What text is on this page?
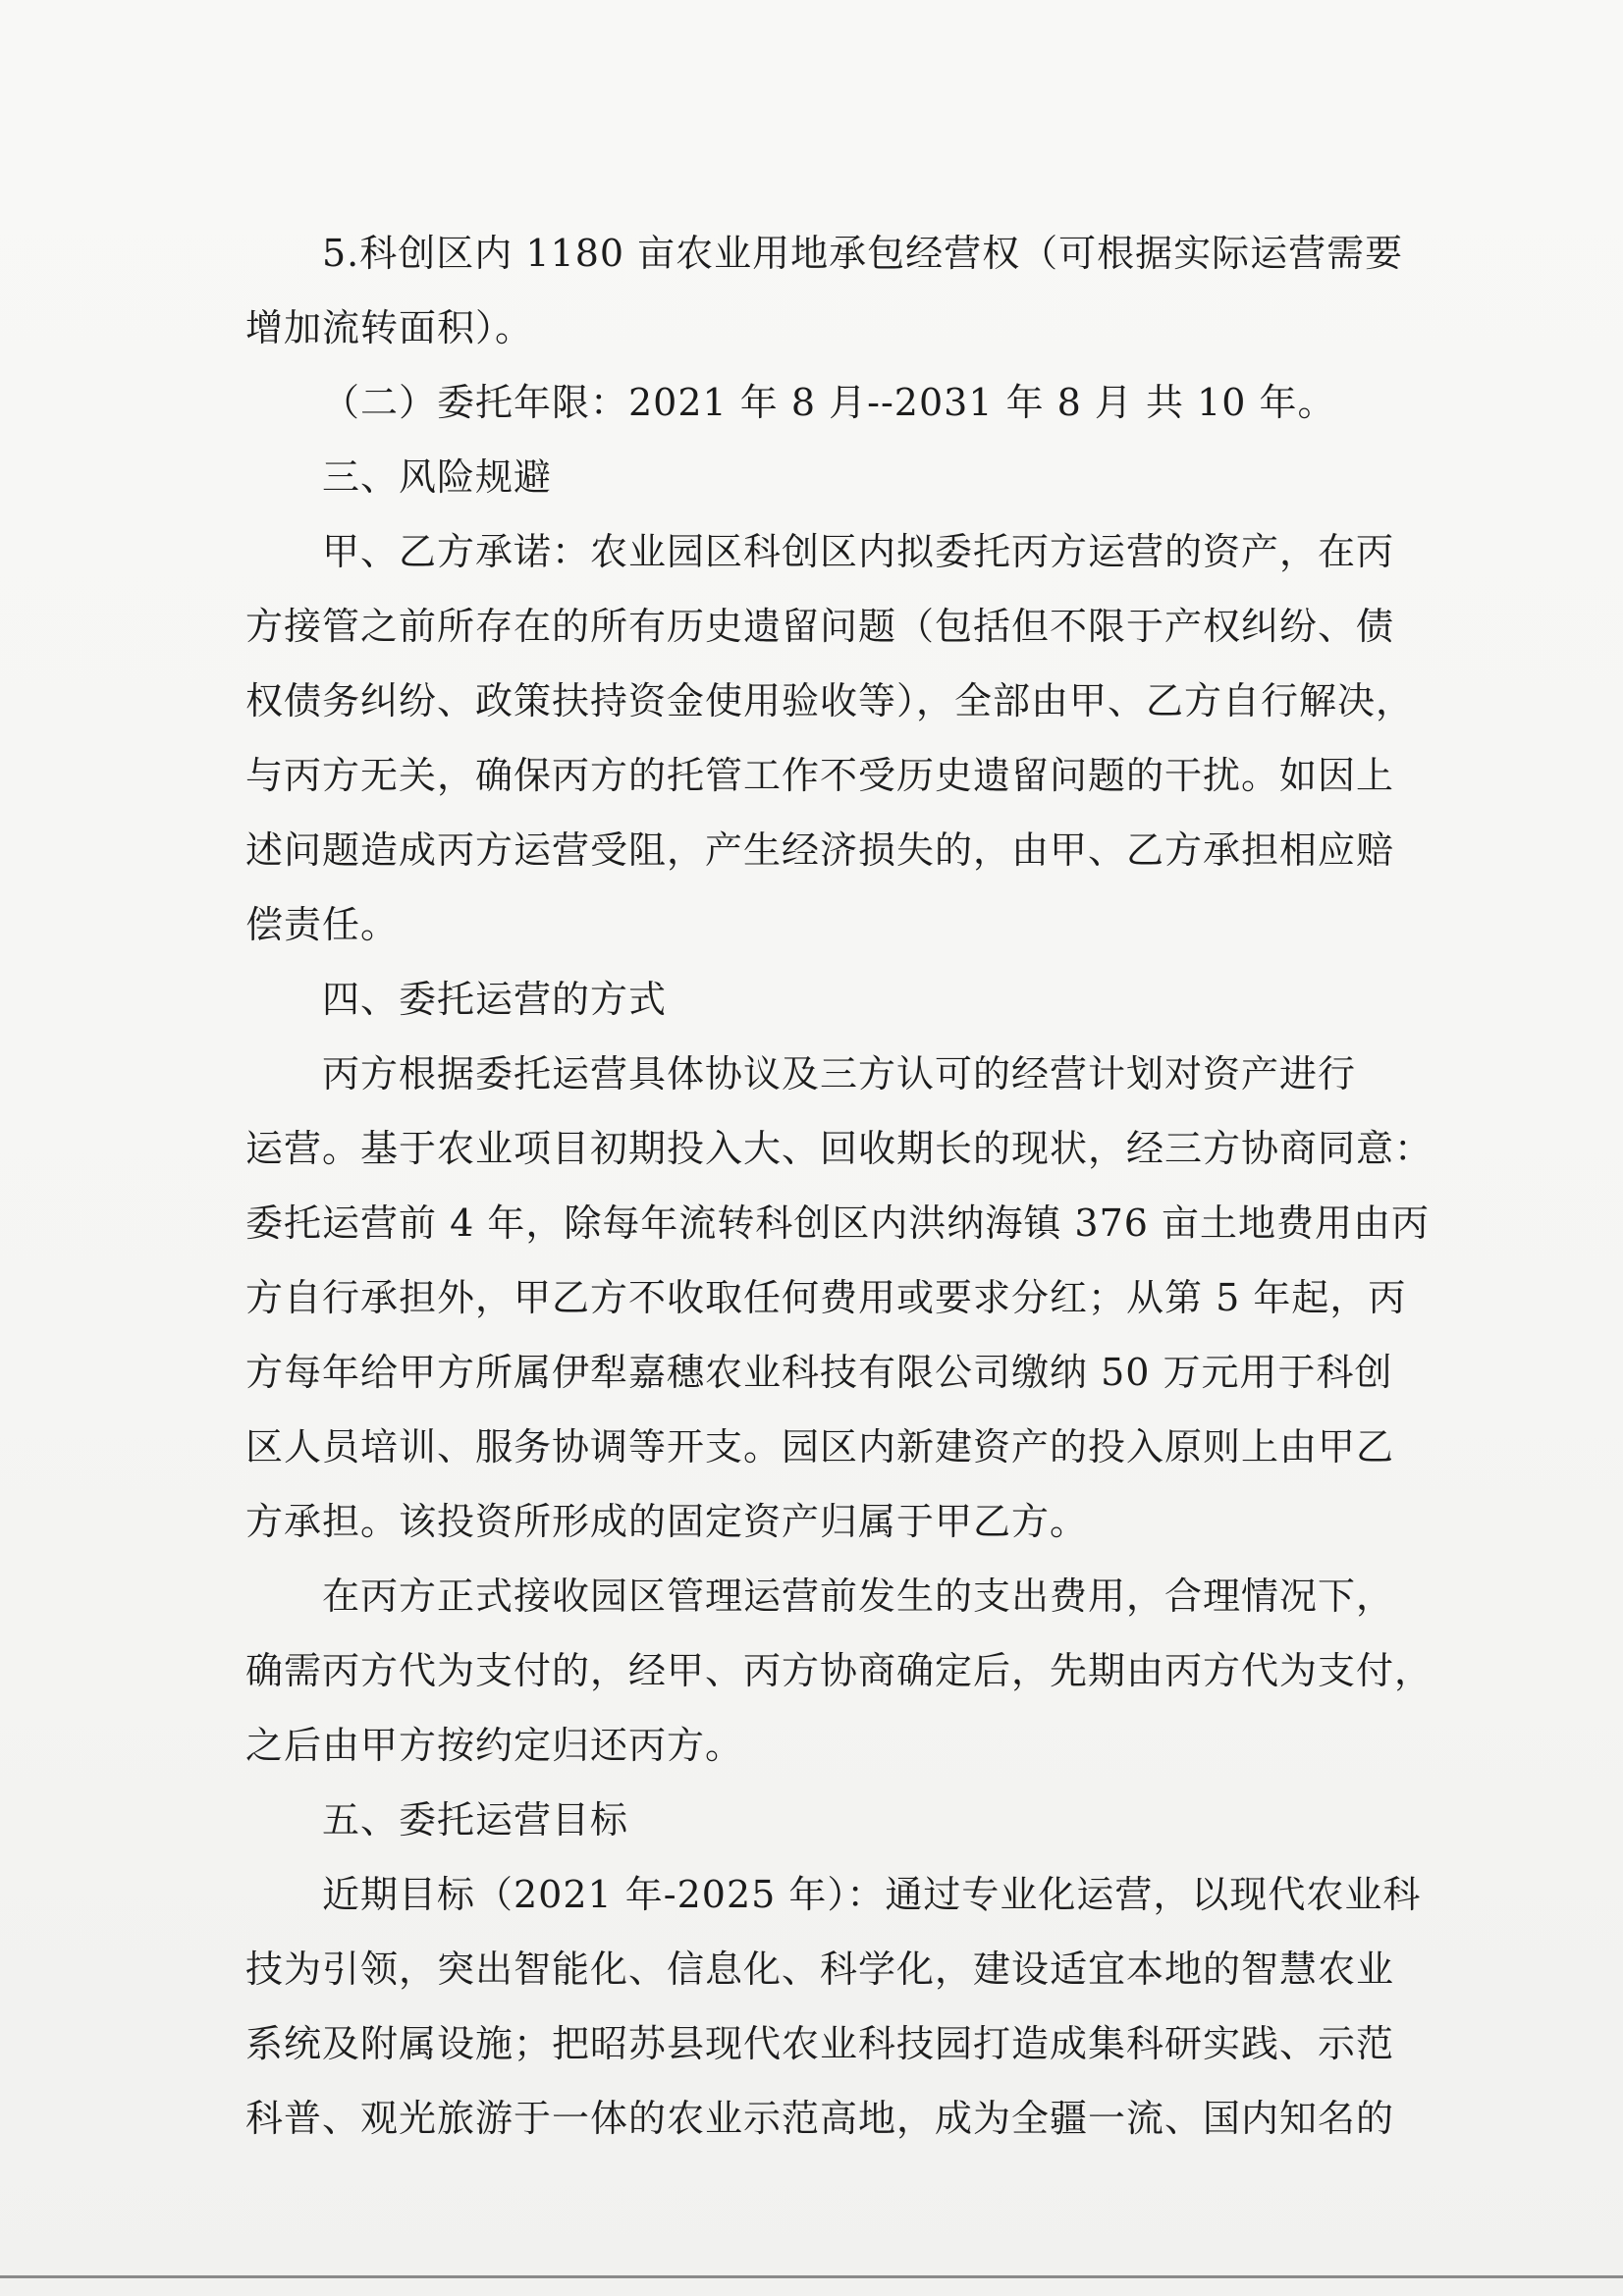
5.科创区内 1180 亩农业用地承包经营权（可根据实际运营需要
增加流转面积）。
（二）委托年限：2021 年 8 月--2031 年 8 月 共 10 年。
三、风险规避
甲、乙方承诺：农业园区科创区内拟委托丙方运营的资产，在丙
方接管之前所存在的所有历史遗留问题（包括但不限于产权纠纷、债
权债务纠纷、政策扶持资金使用验收等），全部由甲、乙方自行解决，
与丙方无关，确保丙方的托管工作不受历史遗留问题的干扰。如因上
述问题造成丙方运营受阻，产生经济损失的，由甲、乙方承担相应赔
偿责任。
四、委托运营的方式
丙方根据委托运营具体协议及三方认可的经营计划对资产进行
运营。基于农业项目初期投入大、回收期长的现状，经三方协商同意：
委托运营前 4 年，除每年流转科创区内洪纳海镇 376 亩土地费用由丙
方自行承担外，甲乙方不收取任何费用或要求分红；从第 5 年起，丙
方每年给甲方所属伊犁嘉穗农业科技有限公司缴纳 50 万元用于科创
区人员培训、服务协调等开支。园区内新建资产的投入原则上由甲乙
方承担。该投资所形成的固定资产归属于甲乙方。
在丙方正式接收园区管理运营前发生的支出费用，合理情况下，
确需丙方代为支付的，经甲、丙方协商确定后，先期由丙方代为支付，
之后由甲方按约定归还丙方。
五、委托运营目标
近期目标（2021 年-2025 年）：通过专业化运营，以现代农业科
技为引领，突出智能化、信息化、科学化，建设适宜本地的智慧农业
系统及附属设施；把昭苏县现代农业科技园打造成集科研实践、示范
科普、观光旅游于一体的农业示范高地，成为全疆一流、国内知名的
